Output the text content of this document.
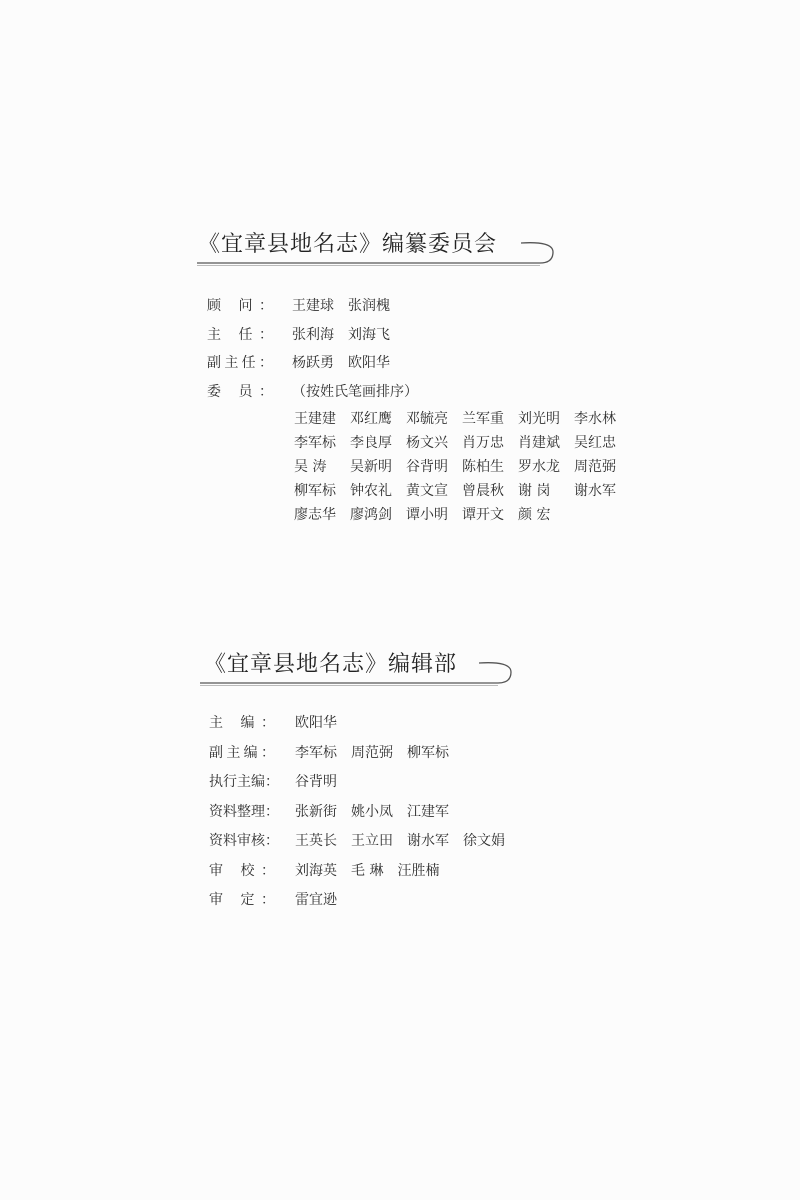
《宜章县地名志》编纂委员会
顾 问： 王建球 张润槐
主 任： 张利海 刘海飞
副主任： 杨跃勇 欧阳华
委 员： （按姓氏笔画排序）
王建建 邓红鹰 邓毓亮 兰军重 刘光明 李水林
李军标 李良厚 杨文兴 肖万忠 肖建斌 吴红忠
吴 涛 吴新明 谷背明 陈柏生 罗水龙 周范弼
柳军标 钟农礼 黄文宣 曾晨秋 谢 岗 谢水军
廖志华 廖鸿剑 谭小明 谭开文 颜 宏
《宜章县地名志》编辑部
主 编： 欧阳华
副主编： 李军标 周范弼 柳军标
执行主编： 谷背明
资料整理： 张新街 姚小凤 江建军
资料审核： 王英长 王立田 谢水军 徐文娟
审 校： 刘海英 毛 琳 汪胜楠
审 定： 雷宜逊
